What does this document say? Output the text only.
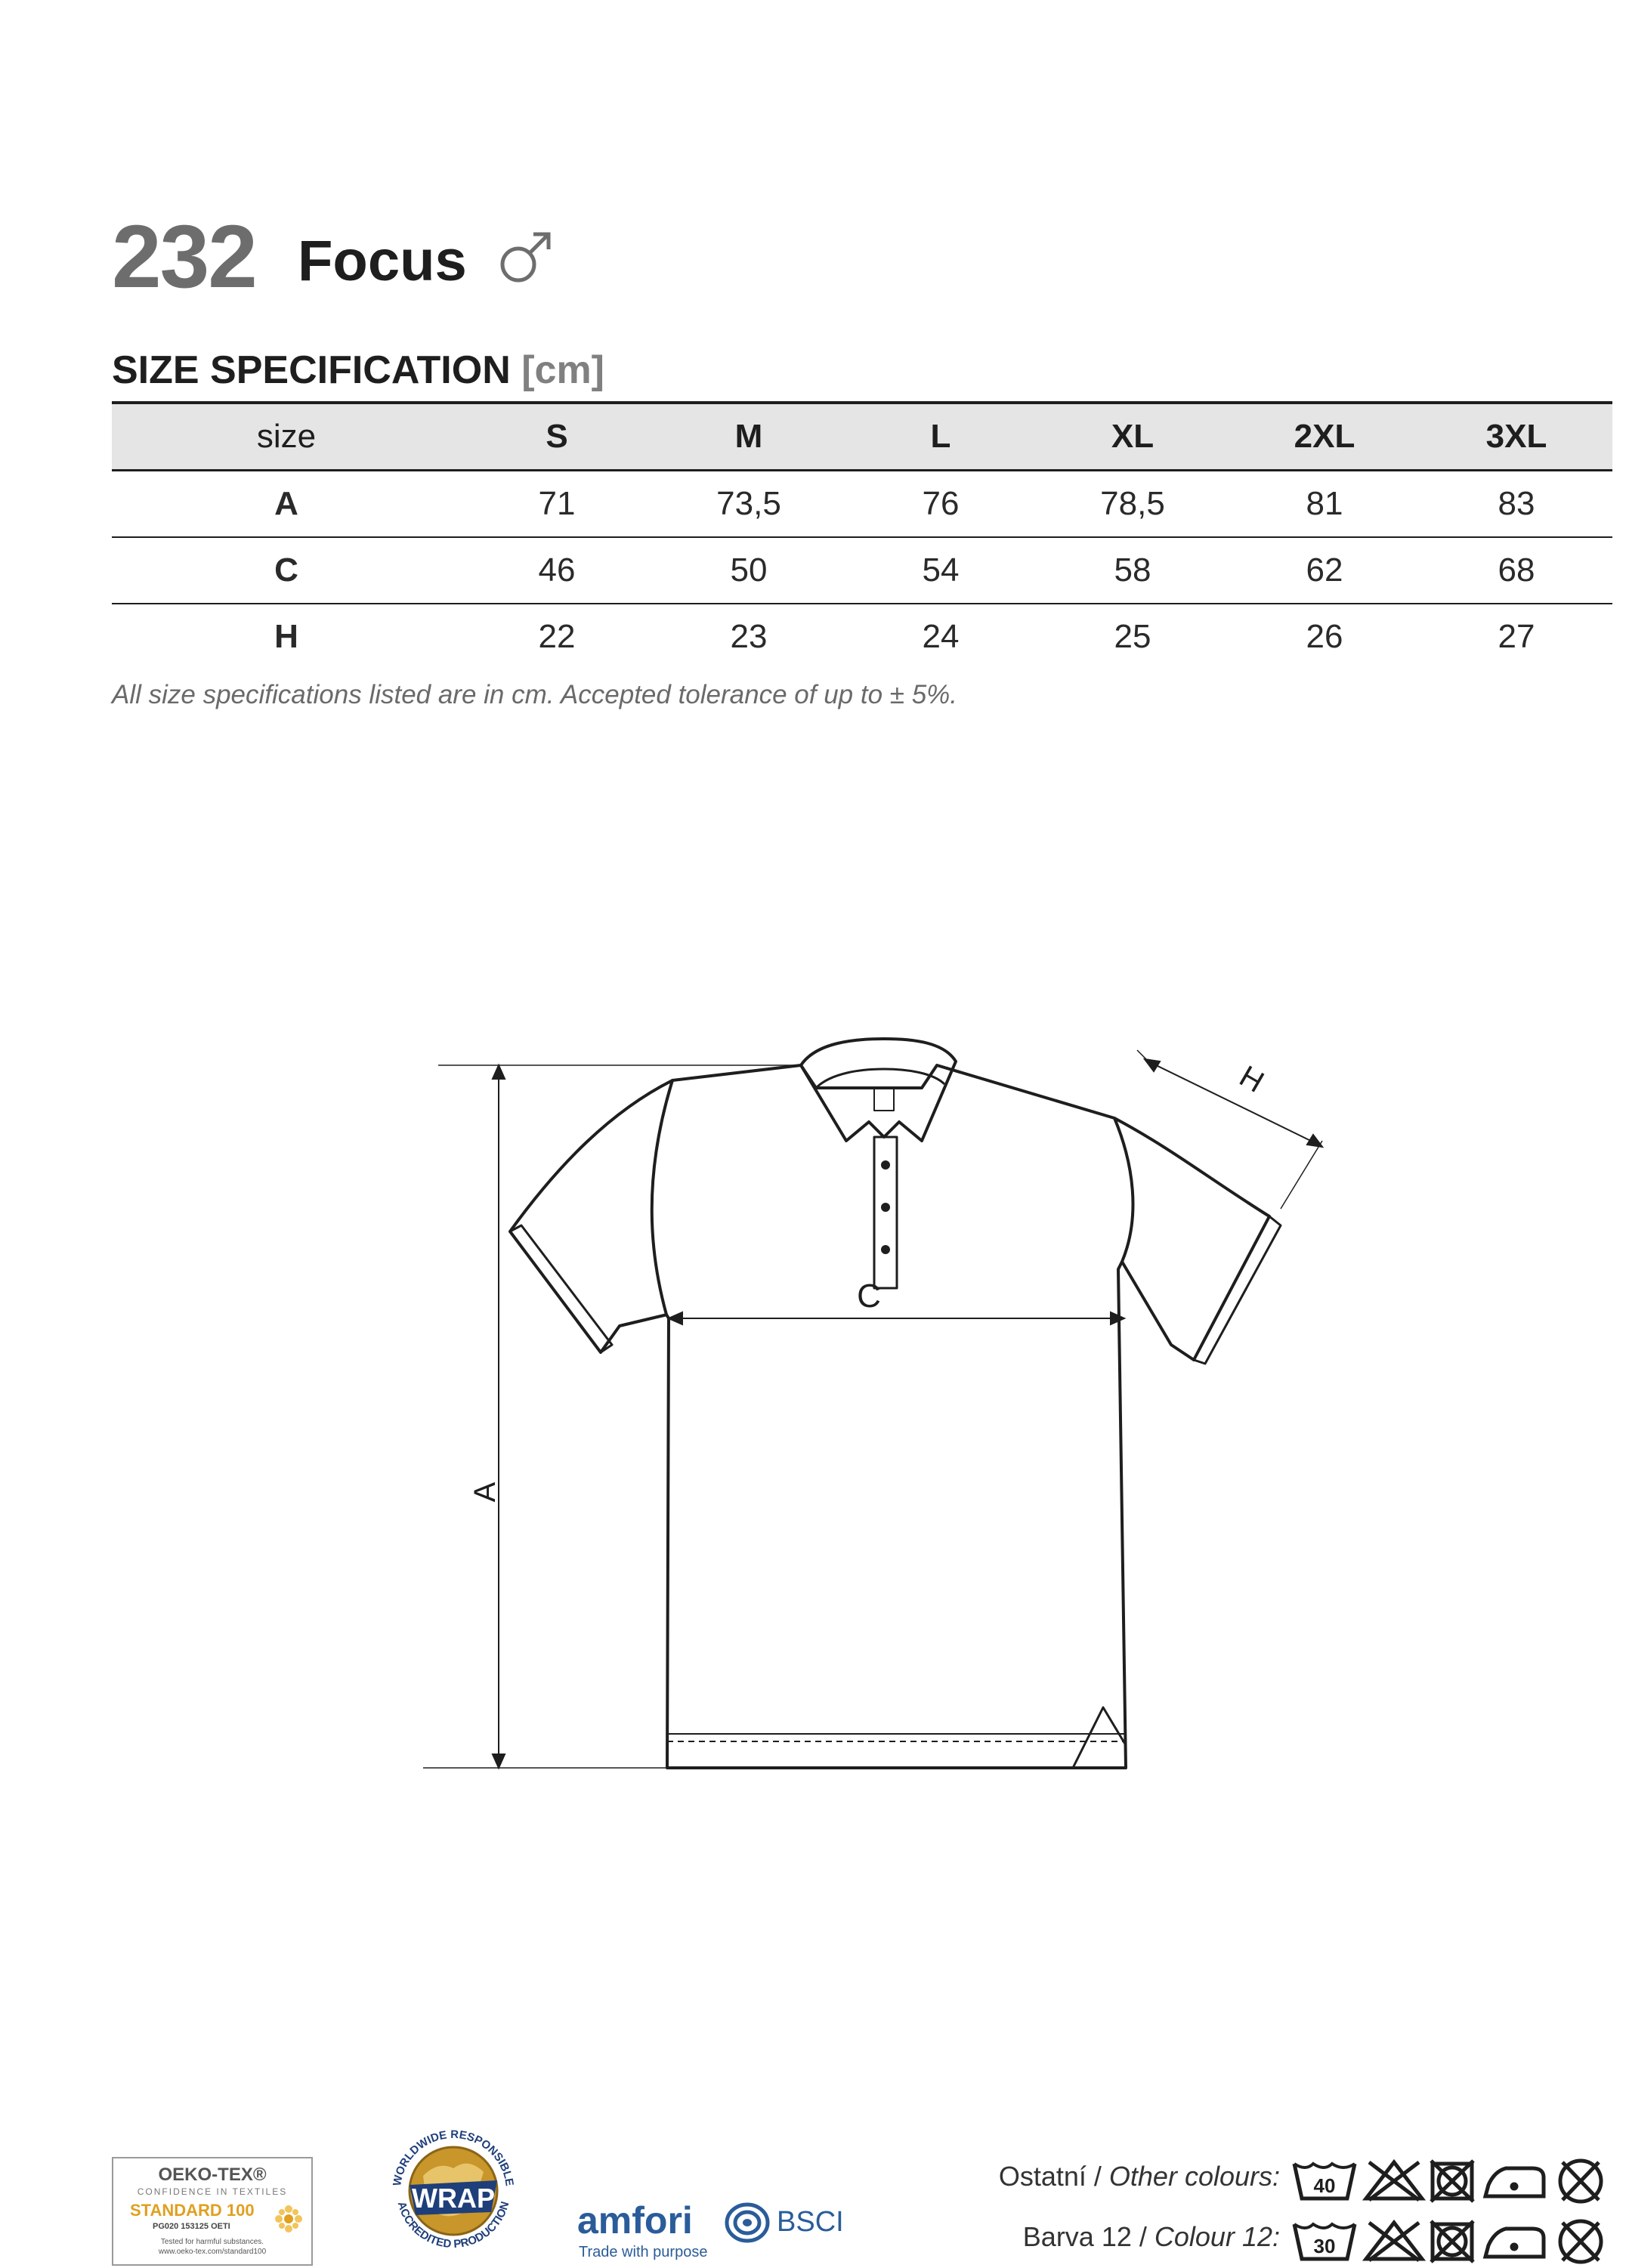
232 Focus
SIZE SPECIFICATION [cm]
size	S	M	L	XL	2XL	3XL
A	71	73,5	76	78,5	81	83
C	46	50	54	58	62	68
H	22	23	24	25	26	27
All size specifications listed are in cm. Accepted tolerance of up to ± 5%.
A
C
H
OEKO-TEX®
CONFIDENCE IN TEXTILES
STANDARD 100
PG020 153125 OETI
Tested for harmful substances.
www.oeko-tex.com/standard100
WORLDWIDE RESPONSIBLE
WRAP
ACCREDITED PRODUCTION amfori	BSCI
Trade with purpose
Ostatní / Other colours: 40
Barva 12 / Colour 12: 30
